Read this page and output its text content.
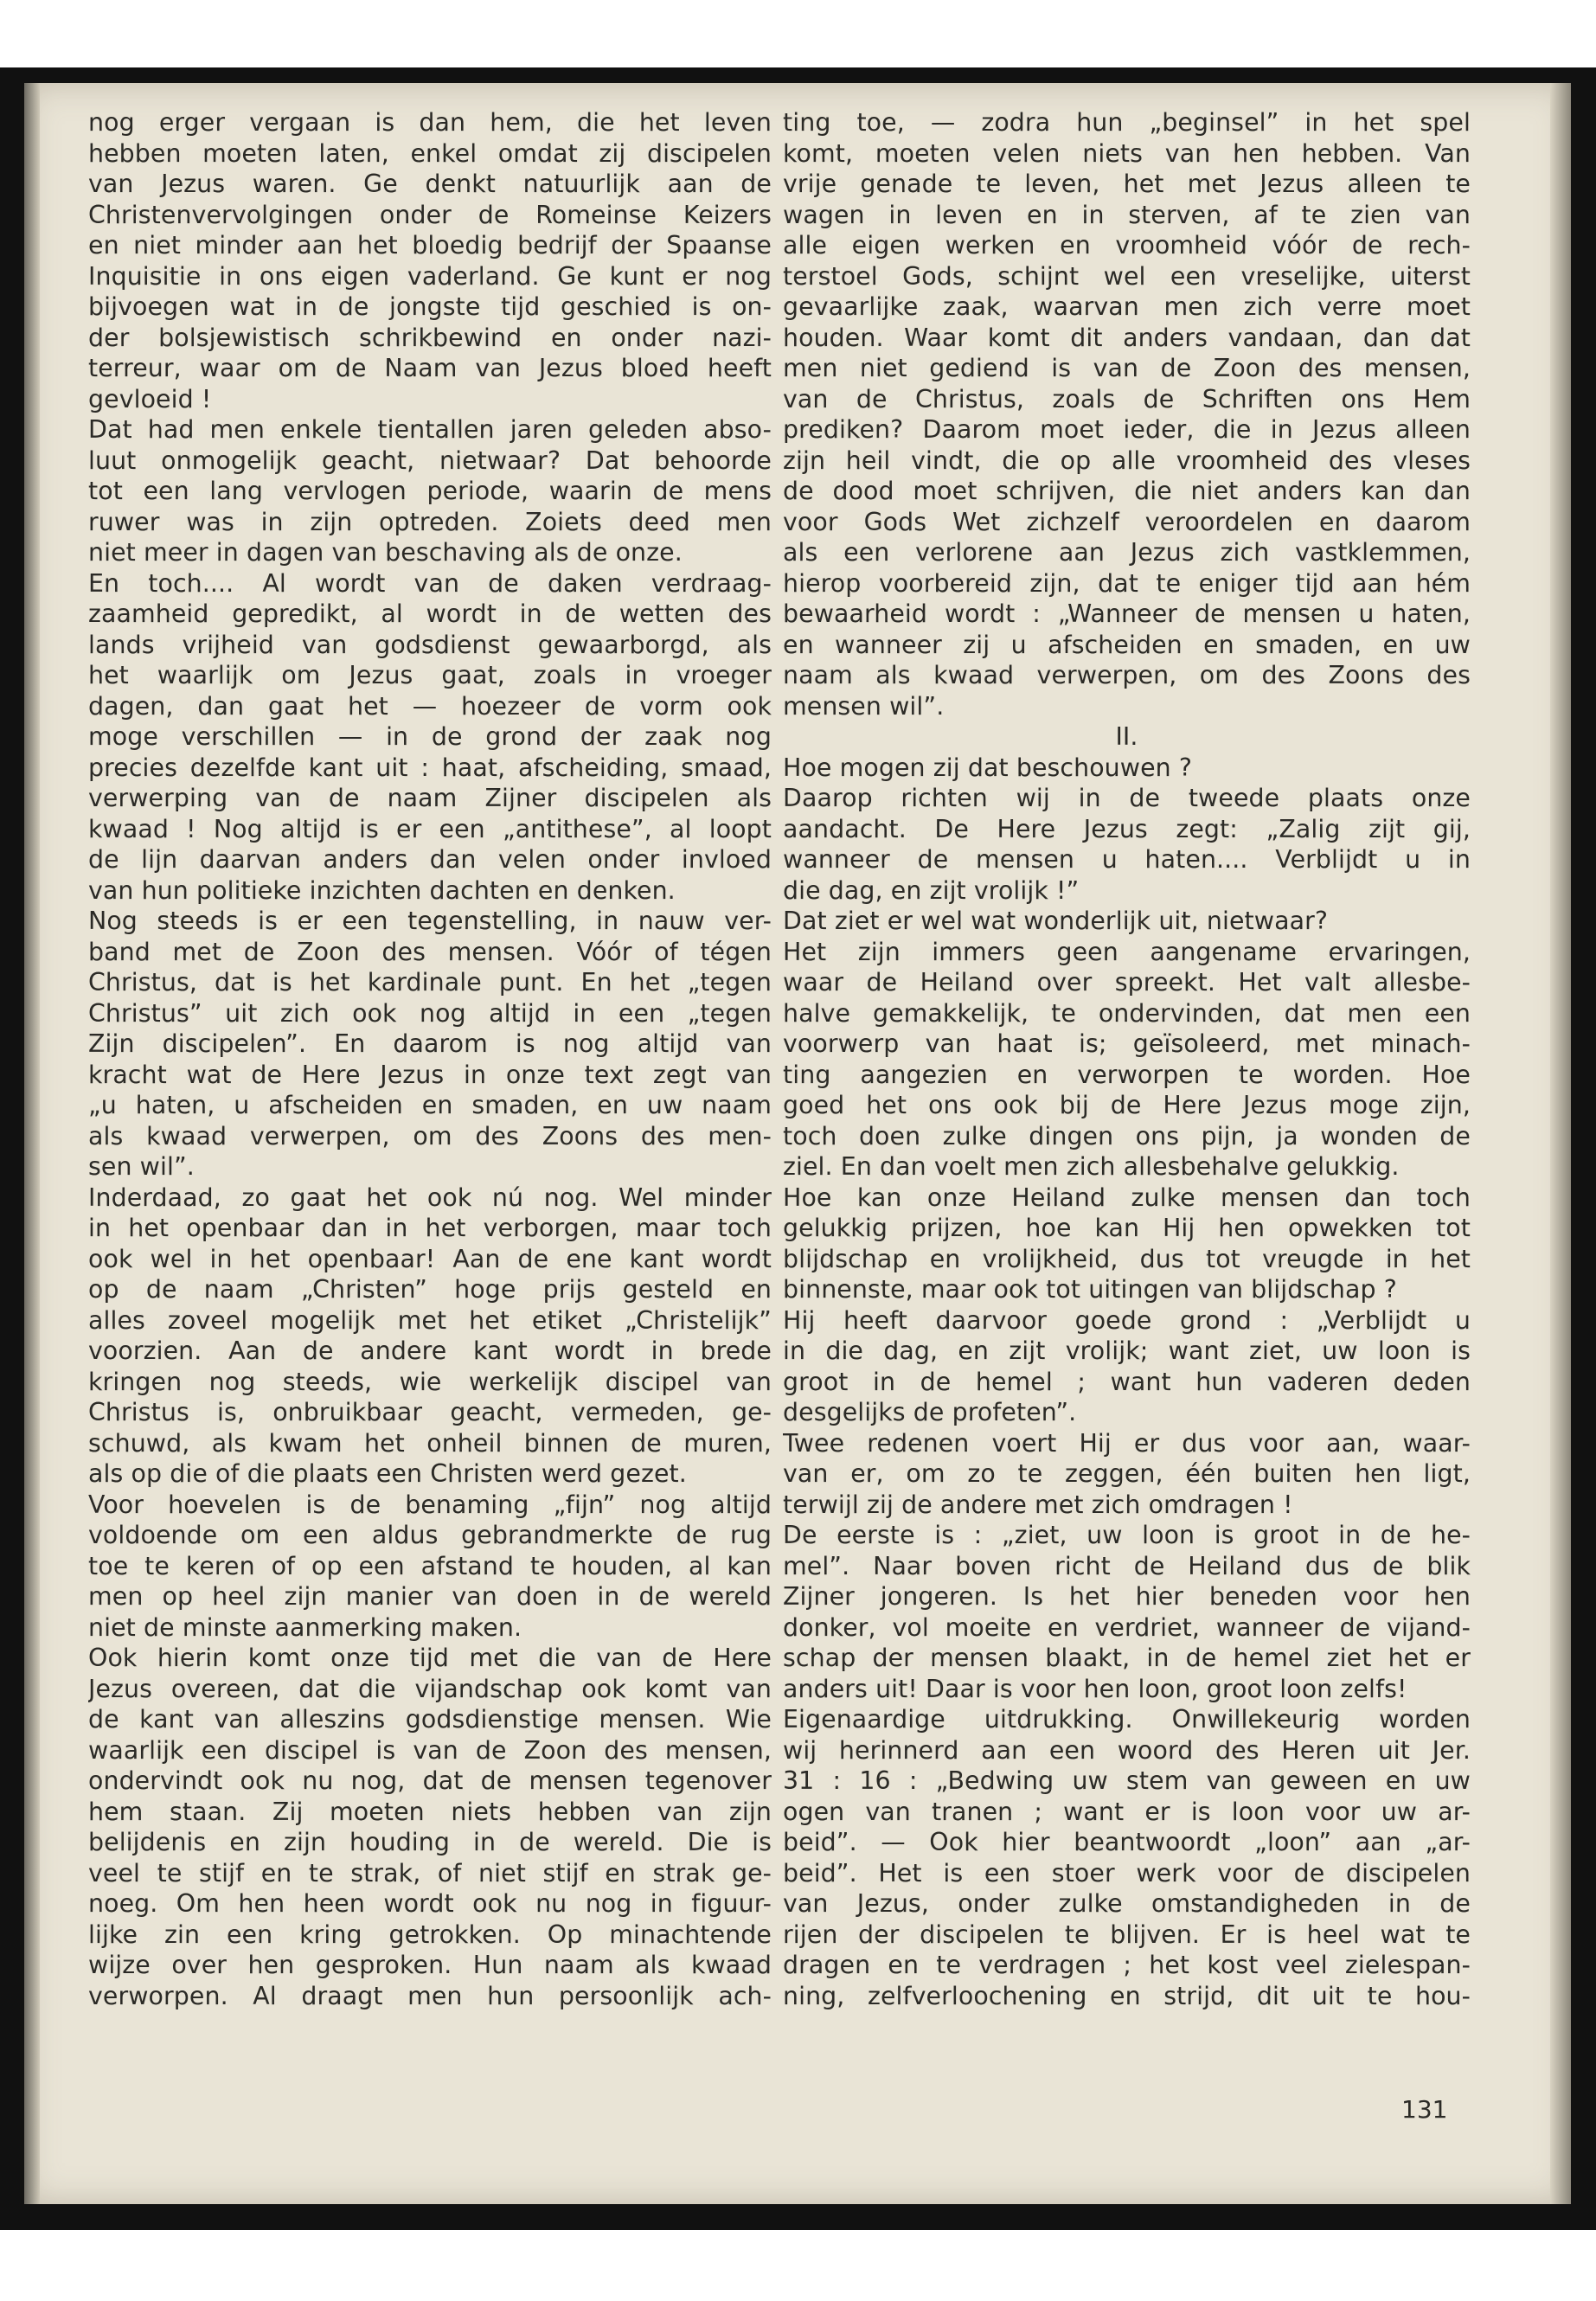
nog erger vergaan is dan hem, die het leven
hebben moeten laten, enkel omdat zij discipelen
van Jezus waren. Ge denkt natuurlijk aan de
Christenvervolgingen onder de Romeinse Keizers
en niet minder aan het bloedig bedrijf der Spaanse
Inquisitie in ons eigen vaderland. Ge kunt er nog
bijvoegen wat in de jongste tijd geschied is on-
der bolsjewistisch schrikbewind en onder nazi-
terreur, waar om de Naam van Jezus bloed heeft
gevloeid !
Dat had men enkele tientallen jaren geleden abso-
luut onmogelijk geacht, nietwaar? Dat behoorde
tot een lang vervlogen periode, waarin de mens
ruwer was in zijn optreden. Zoiets deed men
niet meer in dagen van beschaving als de onze.
En toch.... Al wordt van de daken verdraag-
zaamheid gepredikt, al wordt in de wetten des
lands vrijheid van godsdienst gewaarborgd, als
het waarlijk om Jezus gaat, zoals in vroeger
dagen, dan gaat het — hoezeer de vorm ook
moge verschillen — in de grond der zaak nog
precies dezelfde kant uit : haat, afscheiding, smaad,
verwerping van de naam Zijner discipelen als
kwaad ! Nog altijd is er een „antithese”, al loopt
de lijn daarvan anders dan velen onder invloed
van hun politieke inzichten dachten en denken.
Nog steeds is er een tegenstelling, in nauw ver-
band met de Zoon des mensen. Vóór of tégen
Christus, dat is het kardinale punt. En het „tegen
Christus” uit zich ook nog altijd in een „tegen
Zijn discipelen”. En daarom is nog altijd van
kracht wat de Here Jezus in onze text zegt van
„u haten, u afscheiden en smaden, en uw naam
als kwaad verwerpen, om des Zoons des men-
sen wil”.
Inderdaad, zo gaat het ook nú nog. Wel minder
in het openbaar dan in het verborgen, maar toch
ook wel in het openbaar! Aan de ene kant wordt
op de naam „Christen” hoge prijs gesteld en
alles zoveel mogelijk met het etiket „Christelijk”
voorzien. Aan de andere kant wordt in brede
kringen nog steeds, wie werkelijk discipel van
Christus is, onbruikbaar geacht, vermeden, ge-
schuwd, als kwam het onheil binnen de muren,
als op die of die plaats een Christen werd gezet.
Voor hoevelen is de benaming „fijn” nog altijd
voldoende om een aldus gebrandmerkte de rug
toe te keren of op een afstand te houden, al kan
men op heel zijn manier van doen in de wereld
niet de minste aanmerking maken.
Ook hierin komt onze tijd met die van de Here
Jezus overeen, dat die vijandschap ook komt van
de kant van alleszins godsdienstige mensen. Wie
waarlijk een discipel is van de Zoon des mensen,
ondervindt ook nu nog, dat de mensen tegenover
hem staan. Zij moeten niets hebben van zijn
belijdenis en zijn houding in de wereld. Die is
veel te stijf en te strak, of niet stijf en strak ge-
noeg. Om hen heen wordt ook nu nog in figuur-
lijke zin een kring getrokken. Op minachtende
wijze over hen gesproken. Hun naam als kwaad
verworpen. Al draagt men hun persoonlijk ach-
ting toe, — zodra hun „beginsel” in het spel
komt, moeten velen niets van hen hebben. Van
vrije genade te leven, het met Jezus alleen te
wagen in leven en in sterven, af te zien van
alle eigen werken en vroomheid vóór de rech-
terstoel Gods, schijnt wel een vreselijke, uiterst
gevaarlijke zaak, waarvan men zich verre moet
houden. Waar komt dit anders vandaan, dan dat
men niet gediend is van de Zoon des mensen,
van de Christus, zoals de Schriften ons Hem
prediken? Daarom moet ieder, die in Jezus alleen
zijn heil vindt, die op alle vroomheid des vleses
de dood moet schrijven, die niet anders kan dan
voor Gods Wet zichzelf veroordelen en daarom
als een verlorene aan Jezus zich vastklemmen,
hierop voorbereid zijn, dat te eniger tijd aan hém
bewaarheid wordt : „Wanneer de mensen u haten,
en wanneer zij u afscheiden en smaden, en uw
naam als kwaad verwerpen, om des Zoons des
mensen wil”.
II.
Hoe mogen zij dat beschouwen ?
Daarop richten wij in de tweede plaats onze
aandacht. De Here Jezus zegt: „Zalig zijt gij,
wanneer de mensen u haten.... Verblijdt u in
die dag, en zijt vrolijk !”
Dat ziet er wel wat wonderlijk uit, nietwaar?
Het zijn immers geen aangename ervaringen,
waar de Heiland over spreekt. Het valt allesbe-
halve gemakkelijk, te ondervinden, dat men een
voorwerp van haat is; geïsoleerd, met minach-
ting aangezien en verworpen te worden. Hoe
goed het ons ook bij de Here Jezus moge zijn,
toch doen zulke dingen ons pijn, ja wonden de
ziel. En dan voelt men zich allesbehalve gelukkig.
Hoe kan onze Heiland zulke mensen dan toch
gelukkig prijzen, hoe kan Hij hen opwekken tot
blijdschap en vrolijkheid, dus tot vreugde in het
binnenste, maar ook tot uitingen van blijdschap ?
Hij heeft daarvoor goede grond : „Verblijdt u
in die dag, en zijt vrolijk; want ziet, uw loon is
groot in de hemel ; want hun vaderen deden
desgelijks de profeten”.
Twee redenen voert Hij er dus voor aan, waar-
van er, om zo te zeggen, één buiten hen ligt,
terwijl zij de andere met zich omdragen !
De eerste is : „ziet, uw loon is groot in de he-
mel”. Naar boven richt de Heiland dus de blik
Zijner jongeren. Is het hier beneden voor hen
donker, vol moeite en verdriet, wanneer de vijand-
schap der mensen blaakt, in de hemel ziet het er
anders uit! Daar is voor hen loon, groot loon zelfs!
Eigenaardige uitdrukking. Onwillekeurig worden
wij herinnerd aan een woord des Heren uit Jer.
31 : 16 : „Bedwing uw stem van geween en uw
ogen van tranen ; want er is loon voor uw ar-
beid”. — Ook hier beantwoordt „loon” aan „ar-
beid”. Het is een stoer werk voor de discipelen
van Jezus, onder zulke omstandigheden in de
rijen der discipelen te blijven. Er is heel wat te
dragen en te verdragen ; het kost veel zielespan-
ning, zelfverloochening en strijd, dit uit te hou-
131
